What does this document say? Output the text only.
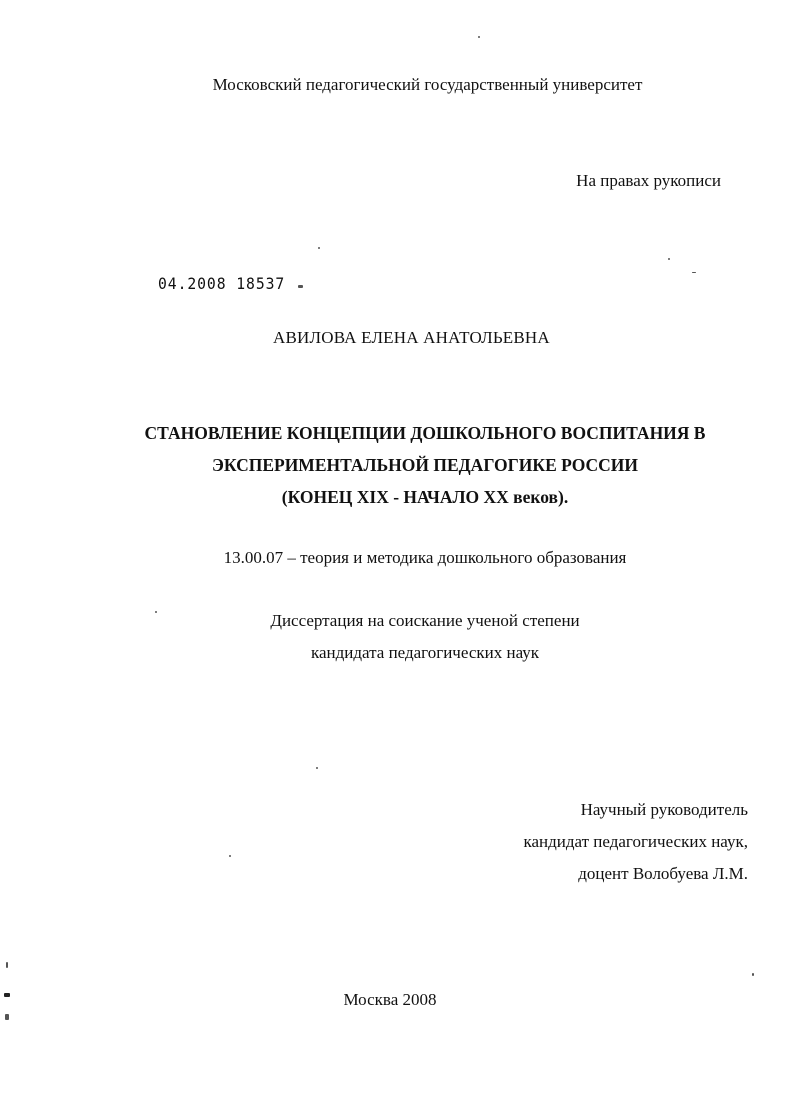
Московский педагогический государственный университет
На правах рукописи
04.2008 18537
АВИЛОВА ЕЛЕНА АНАТОЛЬЕВНА
СТАНОВЛЕНИЕ КОНЦЕПЦИИ ДОШКОЛЬНОГО ВОСПИТАНИЯ В
ЭКСПЕРИМЕНТАЛЬНОЙ ПЕДАГОГИКЕ РОССИИ
(КОНЕЦ XIX - НАЧАЛО XX веков).
13.00.07 – теория и методика дошкольного образования
Диссертация на соискание ученой степени
кандидата педагогических наук
Научный руководитель
кандидат педагогических наук,
доцент Волобуева Л.М.
Москва 2008
